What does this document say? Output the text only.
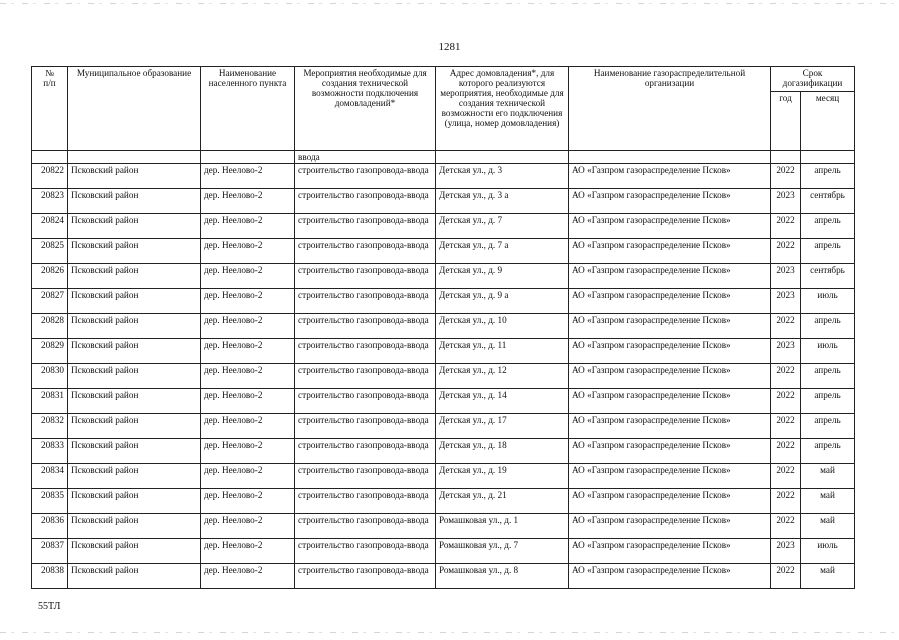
1281
№
п/п	Муниципальное образование	Наименование населенного пункта	Мероприятия необходимые для создания технической возможности подключения домовладений*	Адрес домовладения*, для которого реализуются мероприятия, необходимые для создания технической возможности его подключения (улица, номер домовладения)	Наименование газораспределительной организации	Срок догазификации	
						год	месяц
			ввода				
20822	Псковский район	дер. Неелово-2	строительство газопровода-ввода	Детская ул., д. 3	АО «Газпром газораспределение Псков»	2022	апрель
20823	Псковский район	дер. Неелово-2	строительство газопровода-ввода	Детская ул., д. 3 а	АО «Газпром газораспределение Псков»	2023	сентябрь
20824	Псковский район	дер. Неелово-2	строительство газопровода-ввода	Детская ул., д. 7	АО «Газпром газораспределение Псков»	2022	апрель
20825	Псковский район	дер. Неелово-2	строительство газопровода-ввода	Детская ул., д. 7 а	АО «Газпром газораспределение Псков»	2022	апрель
20826	Псковский район	дер. Неелово-2	строительство газопровода-ввода	Детская ул., д. 9	АО «Газпром газораспределение Псков»	2023	сентябрь
20827	Псковский район	дер. Неелово-2	строительство газопровода-ввода	Детская ул., д. 9 а	АО «Газпром газораспределение Псков»	2023	июль
20828	Псковский район	дер. Неелово-2	строительство газопровода-ввода	Детская ул., д. 10	АО «Газпром газораспределение Псков»	2022	апрель
20829	Псковский район	дер. Неелово-2	строительство газопровода-ввода	Детская ул., д. 11	АО «Газпром газораспределение Псков»	2023	июль
20830	Псковский район	дер. Неелово-2	строительство газопровода-ввода	Детская ул., д. 12	АО «Газпром газораспределение Псков»	2022	апрель
20831	Псковский район	дер. Неелово-2	строительство газопровода-ввода	Детская ул., д. 14	АО «Газпром газораспределение Псков»	2022	апрель
20832	Псковский район	дер. Неелово-2	строительство газопровода-ввода	Детская ул., д. 17	АО «Газпром газораспределение Псков»	2022	апрель
20833	Псковский район	дер. Неелово-2	строительство газопровода-ввода	Детская ул., д. 18	АО «Газпром газораспределение Псков»	2022	апрель
20834	Псковский район	дер. Неелово-2	строительство газопровода-ввода	Детская ул., д. 19	АО «Газпром газораспределение Псков»	2022	май
20835	Псковский район	дер. Неелово-2	строительство газопровода-ввода	Детская ул., д. 21	АО «Газпром газораспределение Псков»	2022	май
20836	Псковский район	дер. Неелово-2	строительство газопровода-ввода	Ромашковая ул., д. 1	АО «Газпром газораспределение Псков»	2022	май
20837	Псковский район	дер. Неелово-2	строительство газопровода-ввода	Ромашковая ул., д. 7	АО «Газпром газораспределение Псков»	2023	июль
20838	Псковский район	дер. Неелово-2	строительство газопровода-ввода	Ромашковая ул., д. 8	АО «Газпром газораспределение Псков»	2022	май
55ТЛ
